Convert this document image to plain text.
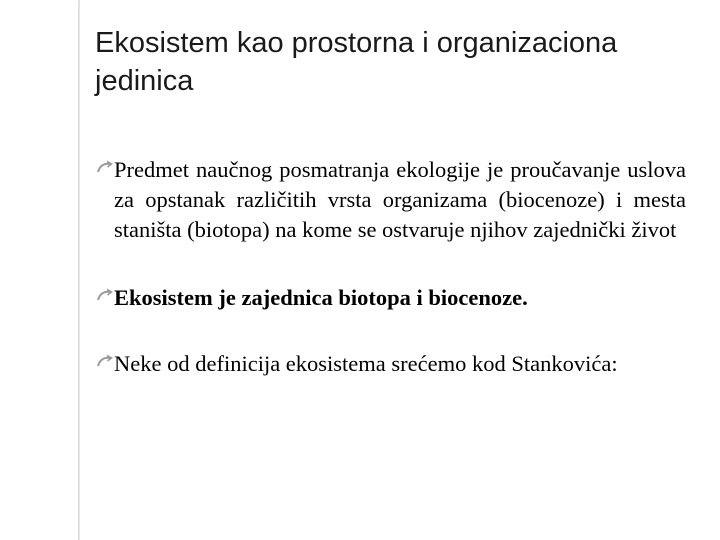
Ekosistem kao prostorna i organizaciona jedinica
Predmet naučnog posmatranja ekologije je proučavanje uslova za opstanak različitih vrsta organizama (biocenoze) i mesta staništa (biotopa) na kome se ostvaruje njihov zajednički život
Ekosistem je zajednica biotopa i biocenoze.
Neke od definicija ekosistema srećemo kod Stankovića:
